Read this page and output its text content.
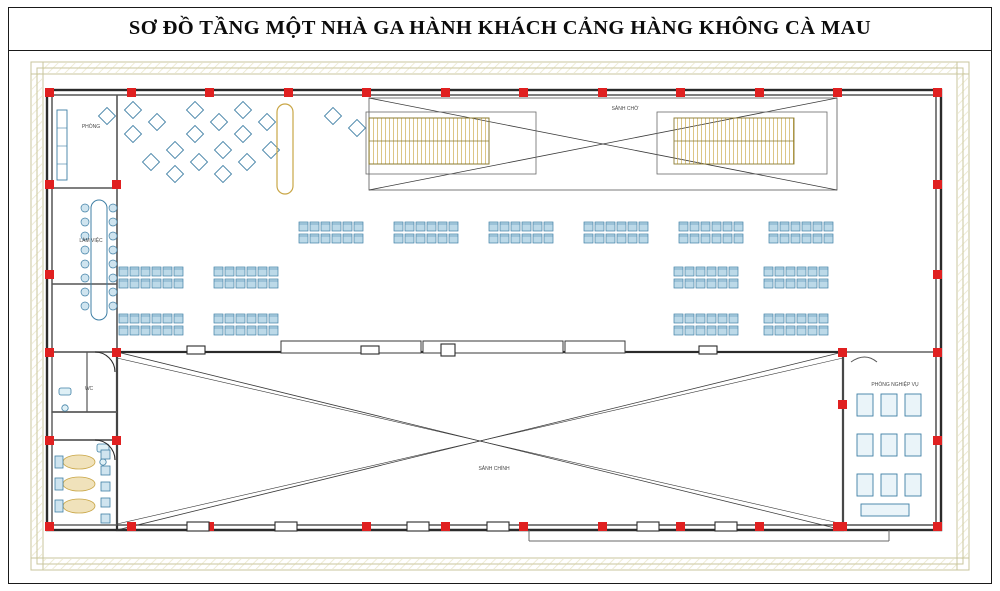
SƠ ĐỒ TẦNG MỘT NHÀ GA HÀNH KHÁCH CẢNG HÀNG KHÔNG CÀ MAU
PHÒNG
LÀM VIỆC
SẢNH CHỜ
SẢNH CHÍNH
PHÒNG NGHIỆP VỤ
WC
